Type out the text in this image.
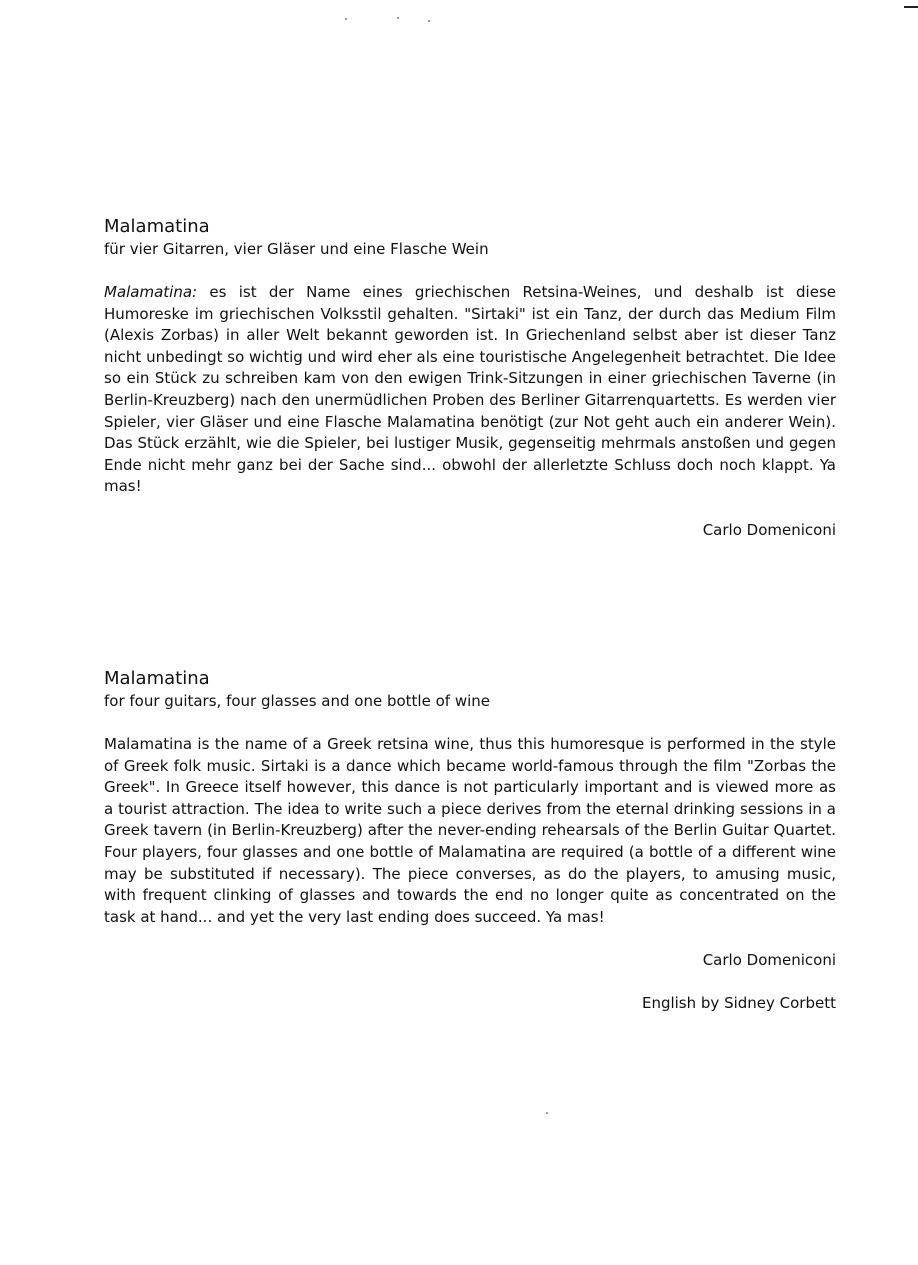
Malamatina

für vier Gitarren, vier Gläser und eine Flasche Wein

Malamatina: es ist der Name eines griechischen Retsina-Weines, und deshalb ist diese Humoreske im griechischen Volksstil gehalten. "Sirtaki" ist ein Tanz, der durch das Medium Film (Alexis Zorbas) in aller Welt bekannt geworden ist. In Griechenland selbst aber ist dieser Tanz nicht unbedingt so wichtig und wird eher als eine touristische Angelegenheit betrachtet. Die Idee so ein Stück zu schreiben kam von den ewigen Trink-Sitzungen in einer griechischen Taverne (in Berlin-Kreuzberg) nach den unermüdlichen Proben des Berliner Gitarrenquartetts. Es werden vier Spieler, vier Gläser und eine Flasche Malamatina benötigt (zur Not geht auch ein anderer Wein). Das Stück erzählt, wie die Spieler, bei lustiger Musik, gegenseitig mehrmals anstoßen und gegen Ende nicht mehr ganz bei der Sache sind... obwohl der allerletzte Schluss doch noch klappt. Ya mas!

Carlo Domeniconi

Malamatina

for four guitars, four glasses and one bottle of wine

Malamatina is the name of a Greek retsina wine, thus this humoresque is performed in the style of Greek folk music. Sirtaki is a dance which became world-famous through the film "Zorbas the Greek". In Greece itself however, this dance is not particularly important and is viewed more as a tourist attraction. The idea to write such a piece derives from the eternal drinking sessions in a Greek tavern (in Berlin-Kreuzberg) after the never-ending rehearsals of the Berlin Guitar Quartet. Four players, four glasses and one bottle of Malamatina are required (a bottle of a different wine may be substituted if necessary). The piece converses, as do the players, to amusing music, with frequent clinking of glasses and towards the end no longer quite as concentrated on the task at hand... and yet the very last ending does succeed. Ya mas!

Carlo Domeniconi

English by Sidney Corbett
